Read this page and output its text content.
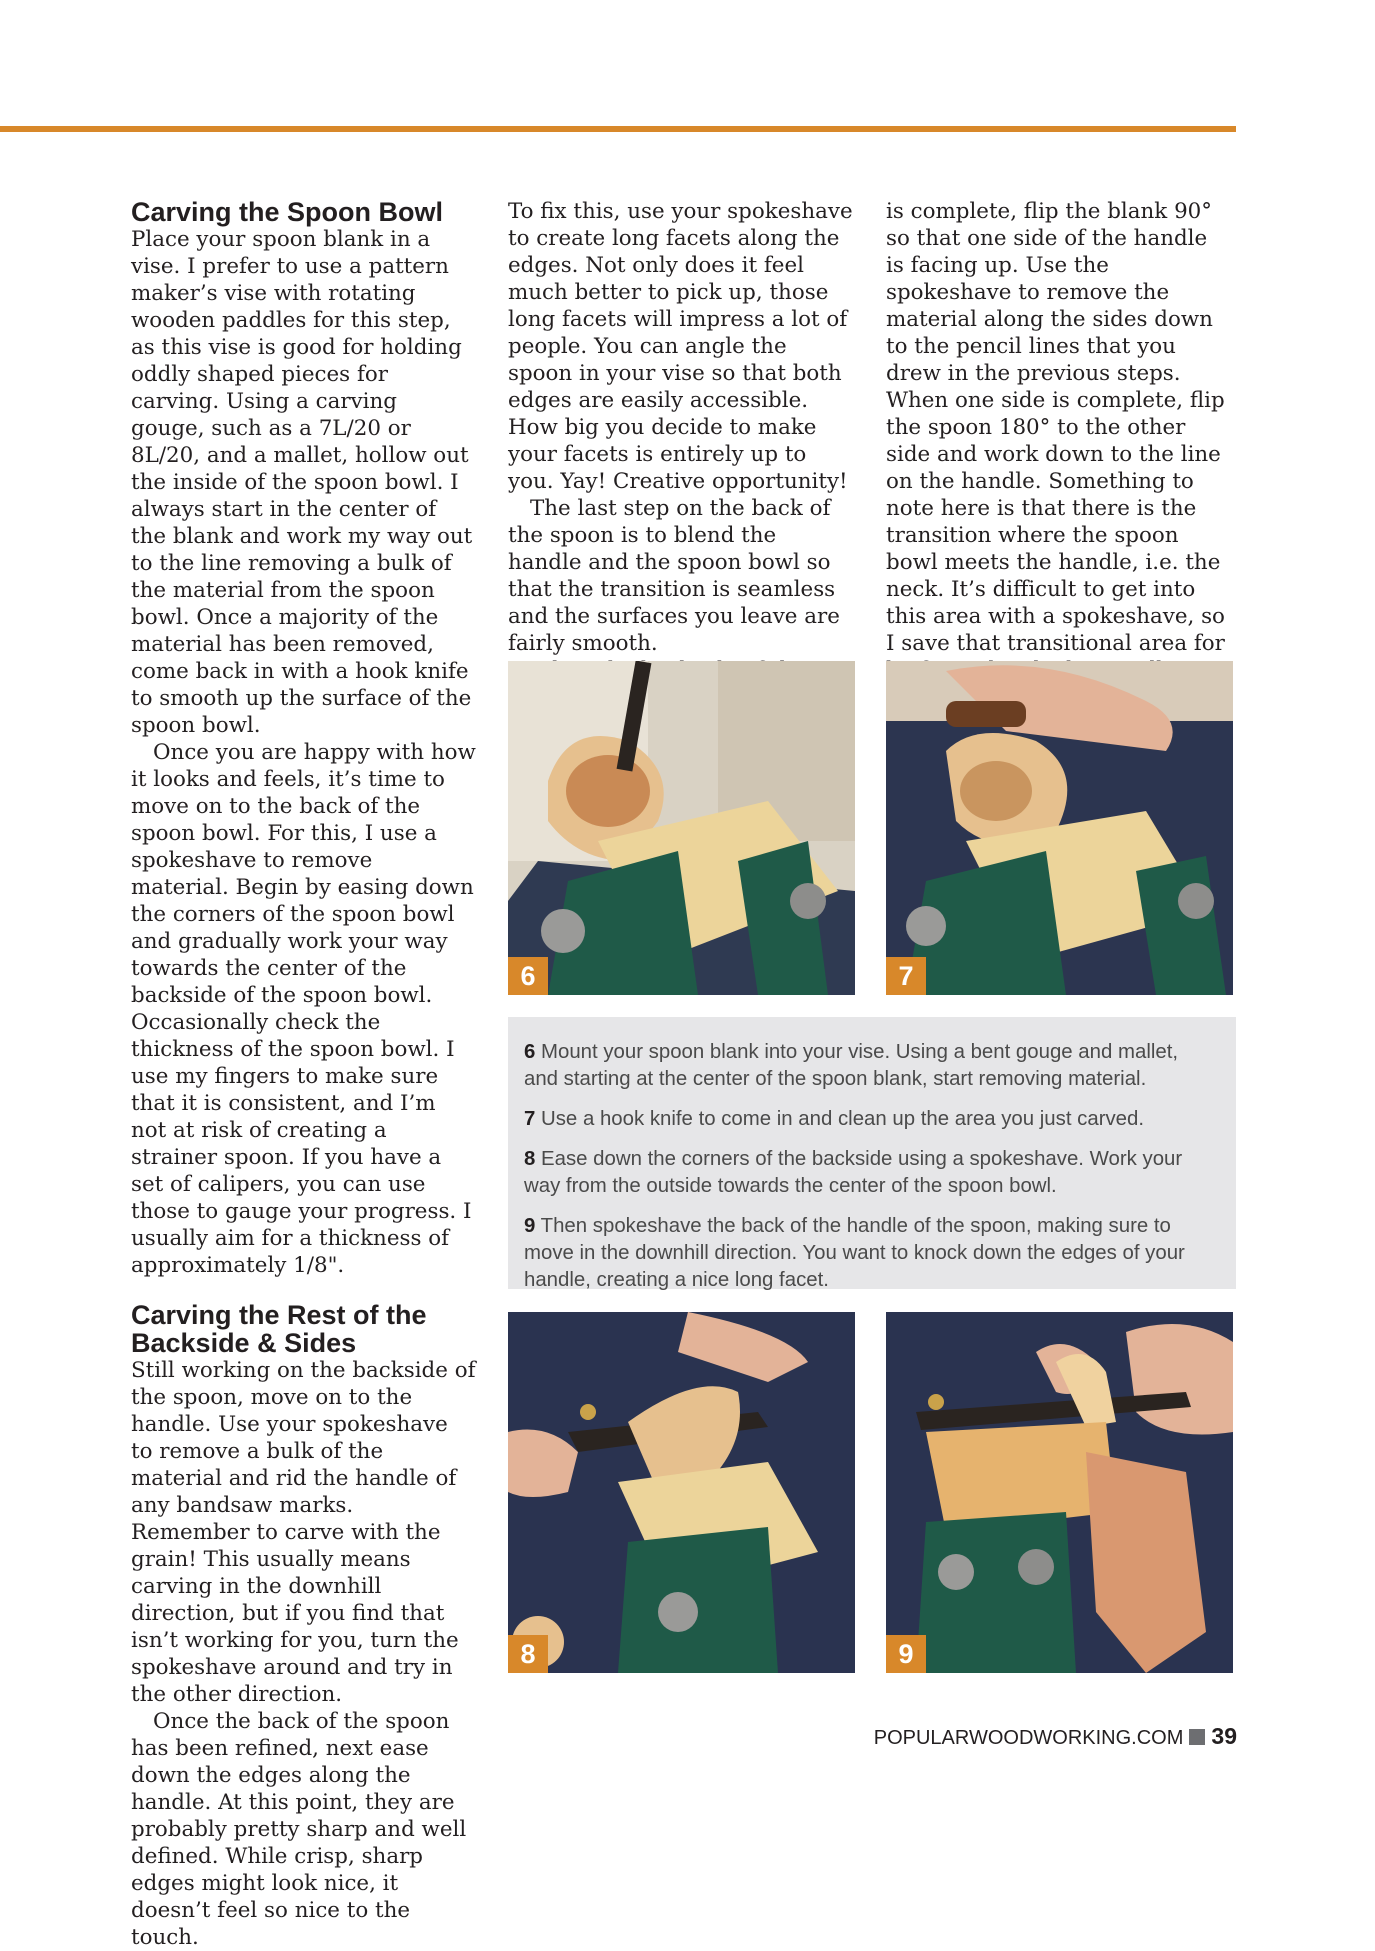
Carving the Spoon Bowl

Place your spoon blank in a vise. I prefer to use a pattern maker’s vise with rotating wooden paddles for this step, as this vise is good for holding oddly shaped pieces for carving. Using a carving gouge, such as a 7L/20 or 8L/20, and a mallet, hollow out the inside of the spoon bowl. I always start in the center of the blank and work my way out to the line removing a bulk of the material from the spoon bowl. Once a majority of the material has been removed, come back in with a hook knife to smooth up the surface of the spoon bowl.

Once you are happy with how it looks and feels, it’s time to move on to the back of the spoon bowl. For this, I use a spokeshave to remove material. Begin by easing down the corners of the spoon bowl and gradually work your way towards the center of the backside of the spoon bowl. Occasionally check the thickness of the spoon bowl. I use my fingers to make sure that it is consistent, and I’m not at risk of creating a strainer spoon. If you have a set of calipers, you can use those to gauge your progress. I usually aim for a thickness of approximately 1/8".

Carving the Rest of the Backside & Sides

Still working on the backside of the spoon, move on to the handle. Use your spokeshave to remove a bulk of the material and rid the handle of any bandsaw marks. Remember to carve with the grain! This usually means carving in the downhill direction, but if you find that isn’t working for you, turn the spokeshave around and try in the other direction.

Once the back of the spoon has been refined, next ease down the edges along the handle. At this point, they are probably pretty sharp and well defined. While crisp, sharp edges might look nice, it doesn’t feel so nice to the touch.

To fix this, use your spokeshave to create long facets along the edges. Not only does it feel much better to pick up, those long facets will impress a lot of people. You can angle the spoon in your vise so that both edges are easily accessible. How big you decide to make your facets is entirely up to you. Yay! Creative opportunity!

The last step on the back of the spoon is to blend the handle and the spoon bowl so that the transition is seamless and the surfaces you leave are fairly smooth.

is complete, flip the blank 90° so that one side of the handle is facing up. Use the spokeshave to remove the material along the sides down to the pencil lines that you drew in the previous steps. When one side is complete, flip the spoon 180° to the other side and work down to the line on the handle. Something to note here is that there is the transition where the spoon bowl meets the handle, i.e. the neck. It’s difficult to get into this area with a spokeshave, so I save that transitional area for

6	7
6 Mount your spoon blank into your vise. Using a bent gouge and mallet, and starting at the center of the spoon blank, start removing material.
7 Use a hook knife to come in and clean up the area you just carved.
8 Ease down the corners of the backside using a spokeshave. Work your way from the outside towards the center of the spoon bowl.
9 Then spokeshave the back of the handle of the spoon, making sure to move in the downhill direction. You want to knock down the edges of your handle, creating a nice long facet.
8	9
POPULARWOODWORKING.COM 39
